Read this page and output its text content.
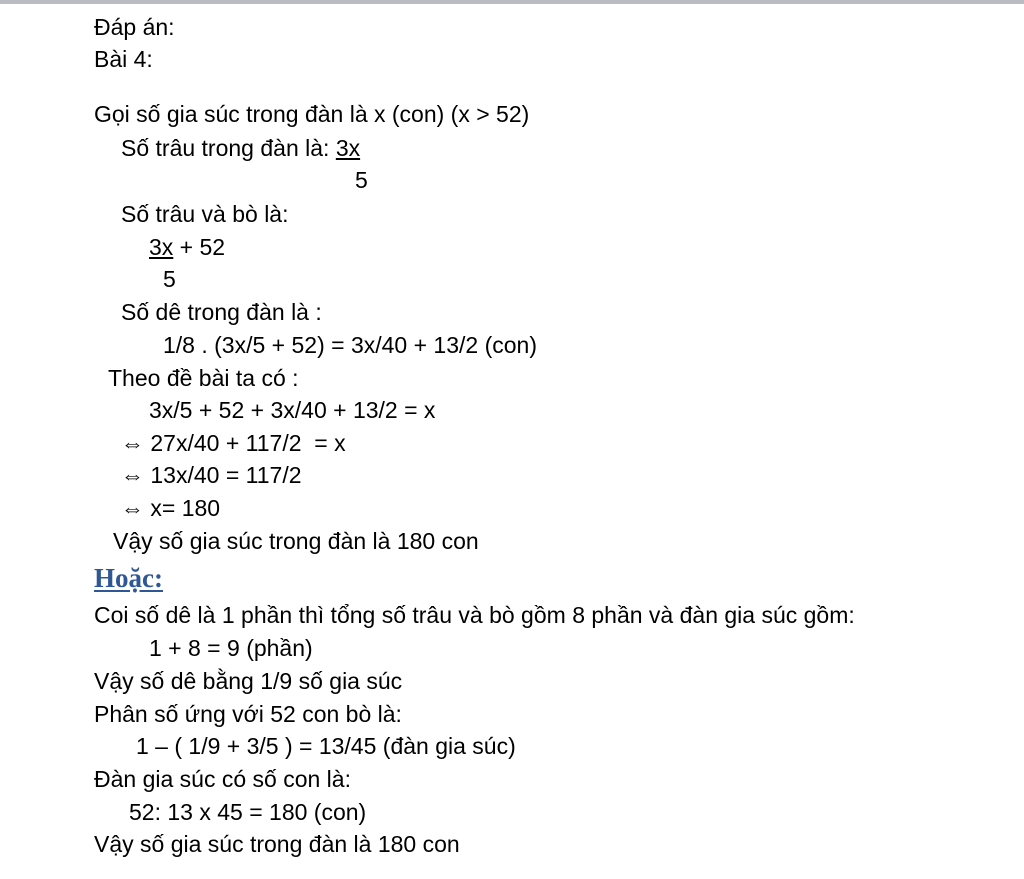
Đáp án:
Bài 4:
Gọi số gia súc trong đàn là x (con) (x > 52)
Số trâu trong đàn là: 3x
5
Số trâu và bò là:
3x + 52
5
Số dê trong đàn là :
1/8 . (3x/5 + 52) = 3x/40 + 13/2 (con)
Theo đề bài ta có :
3x/5 + 52 + 3x/40 + 13/2 = x
⇔ 27x/40 + 117/2  = x
⇔ 13x/40 = 117/2
⇔ x= 180
Vậy số gia súc trong đàn là 180 con
Hoặc:
Coi số dê là 1 phần thì tổng số trâu và bò gồm 8 phần và đàn gia súc gồm:
1 + 8 = 9 (phần)
Vậy số dê bằng 1/9 số gia súc
Phân số ứng với 52 con bò là:
1 – ( 1/9 + 3/5 ) = 13/45 (đàn gia súc)
Đàn gia súc có số con là:
52: 13 x 45 = 180 (con)
Vậy số gia súc trong đàn là 180 con
